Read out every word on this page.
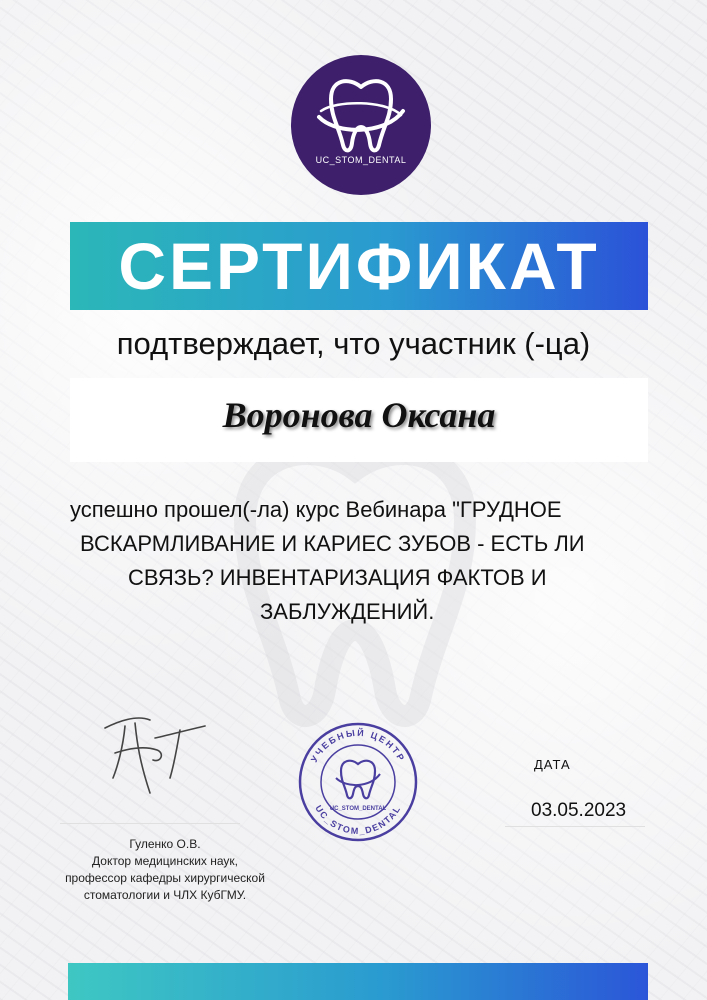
UC_STOM_DENTAL
СЕРТИФИКАТ
подтверждает, что участник (-ца)
Воронова Оксана
успешно прошел(-ла) курс Вебинара "ГРУДНОЕ
ВСКАРМЛИВАНИЕ И КАРИЕС ЗУБОВ - ЕСТЬ ЛИ
СВЯЗЬ? ИНВЕНТАРИЗАЦИЯ ФАКТОВ И
ЗАБЛУЖДЕНИЙ.
Гуленко О.В.
Доктор медицинских наук,
профессор кафедры хирургической
стоматологии и ЧЛХ КубГМУ.
УЧЕБНЫЙ ЦЕНТР
UC_STOM_DENTAL
UC_STOM_DENTAL
ДАТА
03.05.2023
